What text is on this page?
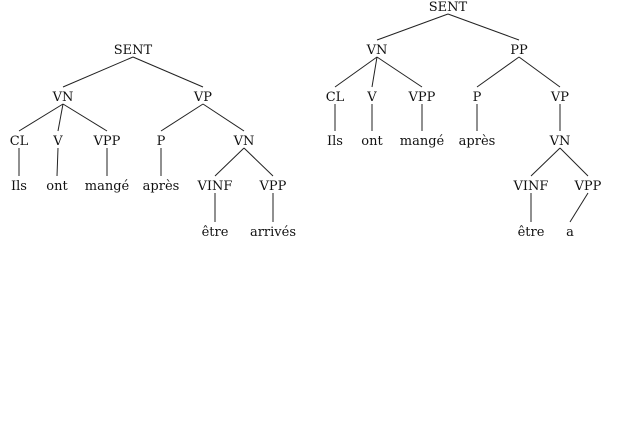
SENT
VN
CL
Ils
V
ont
VPP
mangé
VP
P
après
VN
VINF
être
VPP
arrivés
SENT
VN
CL
Ils
V
ont
VPP
mangé
PP
P
après
VP
VN
VINF
être
VPP
a
